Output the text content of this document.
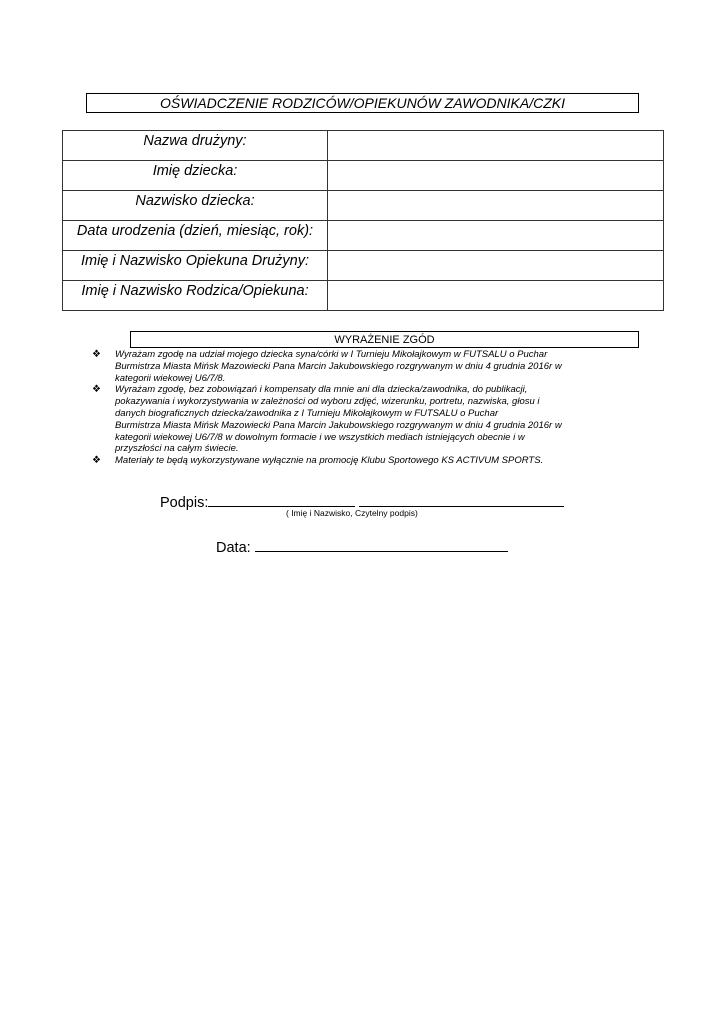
OŚWIADCZENIE RODZICÓW/OPIEKUNÓW ZAWODNIKA/CZKI
Nazwa drużyny:	
Imię dziecka:	
Nazwisko dziecka:	
Data urodzenia (dzień, miesiąc, rok):	
Imię i Nazwisko Opiekuna Drużyny:	
Imię i Nazwisko Rodzica/Opiekuna:	
WYRAŻENIE ZGÓD
❖ Wyrażam zgodę na udział mojego dziecka syna/córki w I Turnieju Mikołajkowym w FUTSALU o Puchar
Burmistrza Miasta Mińsk Mazowiecki Pana Marcin Jakubowskiego rozgrywanym w dniu 4 grudnia 2016r w
kategorii wiekowej U6/7/8.
❖ Wyrażam zgodę, bez zobowiązań i kompensaty dla mnie ani dla dziecka/zawodnika, do publikacji,
pokazywania i wykorzystywania w zależności od wyboru zdjęć, wizerunku, portretu, nazwiska, głosu i
danych biograficznych dziecka/zawodnika z I Turnieju Mikołajkowym w FUTSALU o Puchar
Burmistrza Miasta Mińsk Mazowiecki Pana Marcin Jakubowskiego rozgrywanym w dniu 4 grudnia 2016r w
kategorii wiekowej U6/7/8 w dowolnym formacie i we wszystkich mediach istniejących obecnie i w
przyszłości na całym świecie.
❖ Materiały te będą wykorzystywane wyłącznie na promocję Klubu Sportowego KS ACTIVUM SPORTS.
Podpis:
( Imię i Nazwisko, Czytelny podpis)
Data:
